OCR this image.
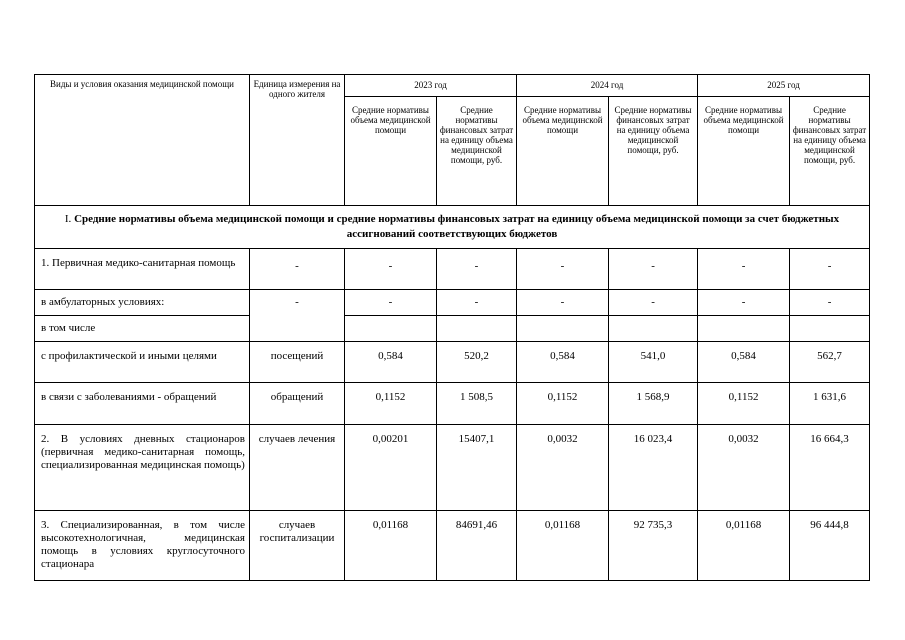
Виды и условия оказания медицинской помощи	Единица измерения на одного жителя	2023 год		2024 год		2025 год	
		Средние нормативы объема медицинской помощи	Средние нормативы финансовых затрат на единицу объема медицинской помощи, руб.	Средние нормативы объема медицинской помощи	Средние нормативы финансовых затрат на единицу объема медицинской помощи, руб.	Средние нормативы объема медицинской помощи	Средние нормативы финансовых затрат на единицу объема медицинской помощи, руб.
I. Средние нормативы объема медицинской помощи и средние нормативы финансовых затрат на единицу объема медицинской помощи за счет бюджетных ассигнований соответствующих бюджетов							
1. Первичная медико-санитарная помощь	-	-	-	-	-	-	-
в амбулаторных условиях:	-	-	-	-	-	-	-
в том числе							
с профилактической и иными целями	посещений	0,584	520,2	0,584	541,0	0,584	562,7
в связи с заболеваниями - обращений	обращений	0,1152	1 508,5	0,1152	1 568,9	0,1152	1 631,6
2. В условиях дневных стационаров (первичная медико-санитарная помощь, специализированная медицинская помощь)	случаев лечения	0,00201	15407,1	0,0032	16 023,4	0,0032	16 664,3
3. Специализированная, в том числе высокотехнологичная, медицинская помощь в условиях круглосуточного стационара	случаев госпитализации	0,01168	84691,46	0,01168	92 735,3	0,01168	96 444,8
